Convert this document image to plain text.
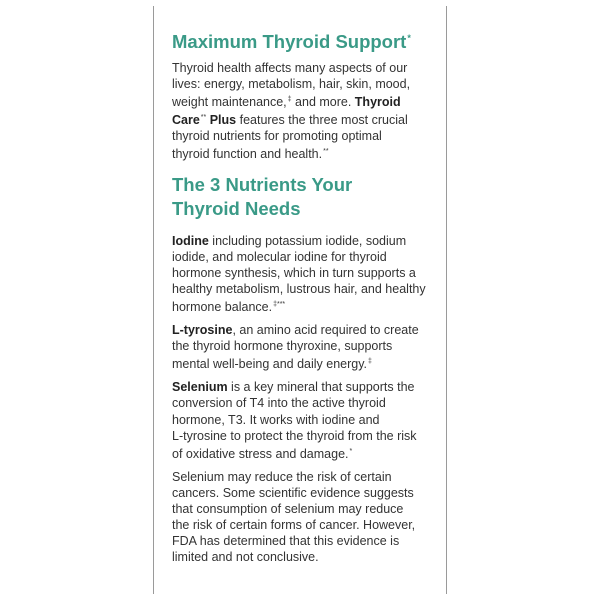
Maximum Thyroid Support*
Thyroid health affects many aspects of our
lives: energy, metabolism, hair, skin, mood,
weight maintenance,‡ and more. Thyroid
Care** Plus features the three most crucial
thyroid nutrients for promoting optimal
thyroid function and health.**
The 3 Nutrients Your
Thyroid Needs
Iodine including potassium iodide, sodium
iodide, and molecular iodine for thyroid
hormone synthesis, which in turn supports a
healthy metabolism, lustrous hair, and healthy
hormone balance.‡***
L-tyrosine, an amino acid required to create
the thyroid hormone thyroxine, supports
mental well-being and daily energy.‡
Selenium is a key mineral that supports the
conversion of T4 into the active thyroid
hormone, T3. It works with iodine and
L-tyrosine to protect the thyroid from the risk
of oxidative stress and damage.*
Selenium may reduce the risk of certain
cancers. Some scientific evidence suggests
that consumption of selenium may reduce
the risk of certain forms of cancer. However,
FDA has determined that this evidence is
limited and not conclusive.
